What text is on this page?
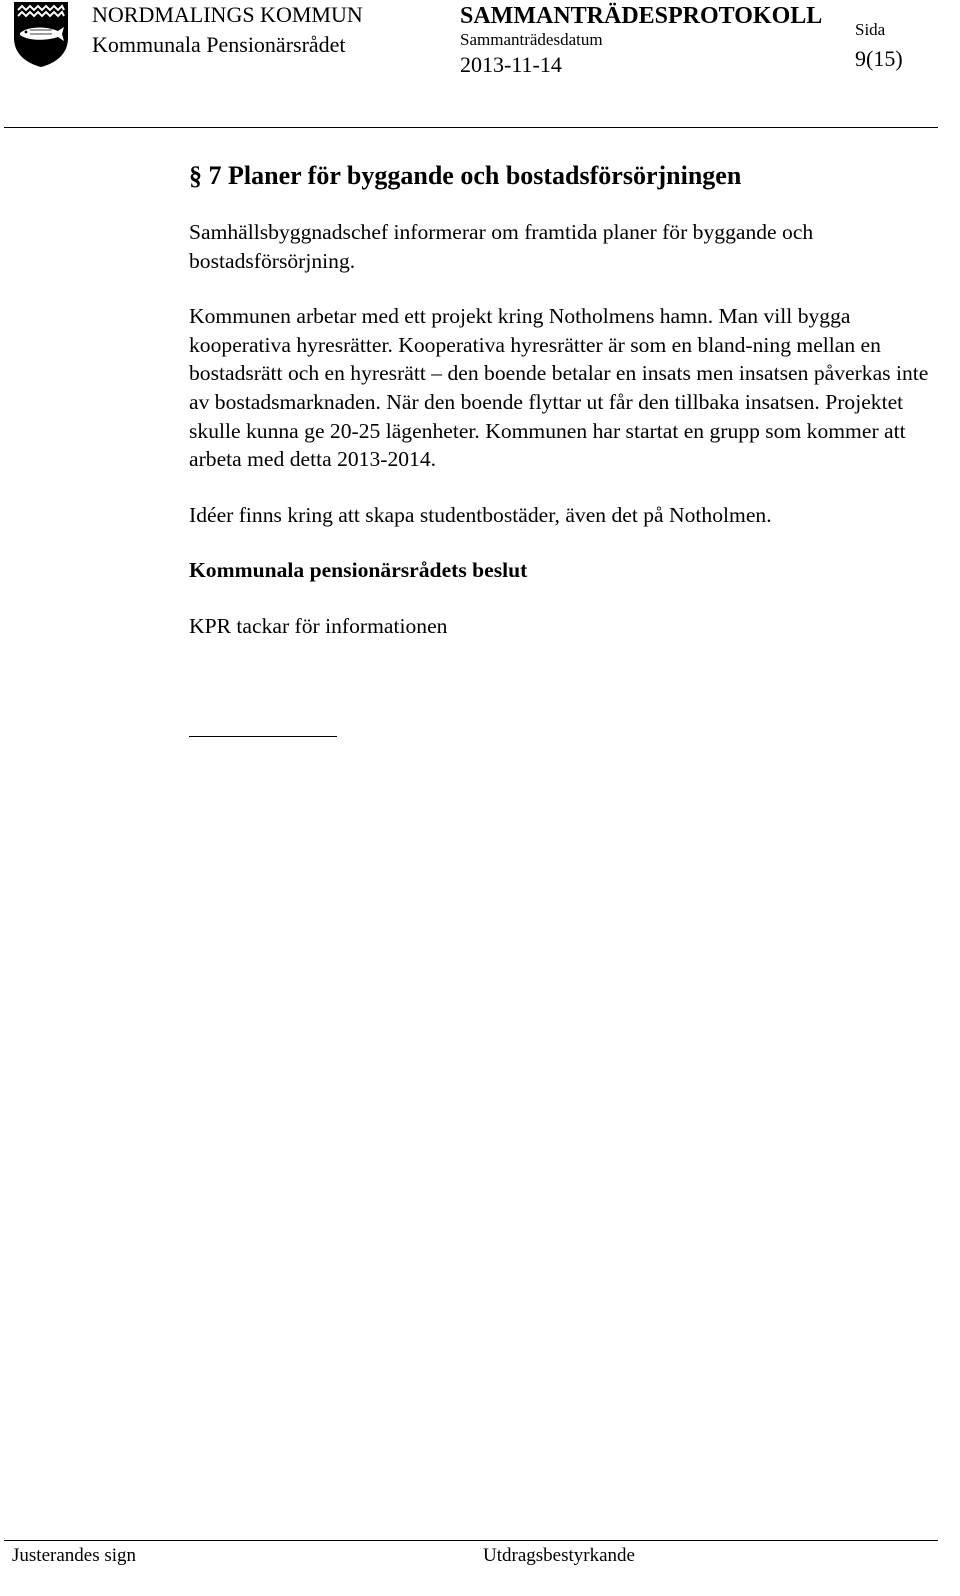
NORDMALINGS KOMMUN
Kommunala Pensionärsrådet
SAMMANTRÄDESPROTOKOLL
Sammanträdesdatum
2013-11-14
Sida
9(15)
§ 7 Planer för byggande och bostadsförsörjningen

Samhällsbyggnadschef informerar om framtida planer för byggande och bostadsförsörjning.

Kommunen arbetar med ett projekt kring Notholmens hamn. Man vill bygga kooperativa hyresrätter. Kooperativa hyresrätter är som en bland-ning mellan en bostadsrätt och en hyresrätt – den boende betalar en insats men insatsen påverkas inte av bostadsmarknaden. När den boende flyttar ut får den tillbaka insatsen. Projektet skulle kunna ge 20-25 lägenheter. Kommunen har startat en grupp som kommer att arbeta med detta 2013-2014.

Idéer finns kring att skapa studentbostäder, även det på Notholmen.

Kommunala pensionärsrådets beslut

KPR tackar för informationen

Justerandes sign	Utdragsbestyrkande
